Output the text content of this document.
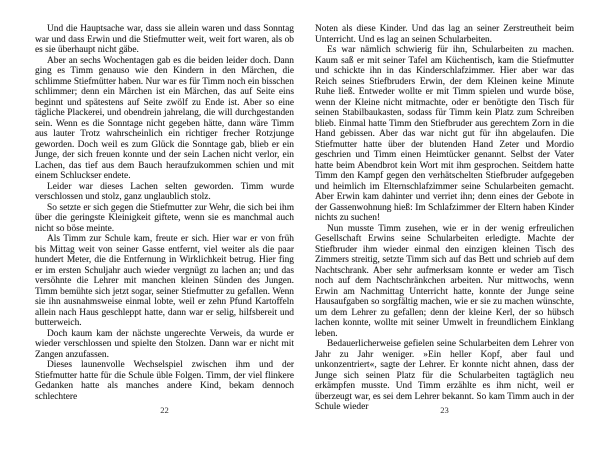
Und die Hauptsache war, dass sie allein waren und dass Sonntag war und dass Erwin und die Stiefmutter weit, weit fort waren, als ob es sie überhaupt nicht gäbe.

Aber an sechs Wochentagen gab es die beiden leider doch. Dann ging es Timm genauso wie den Kindern in den Märchen, die schlimme Stiefmütter haben. Nur war es für Timm noch ein bisschen schlimmer; denn ein Märchen ist ein Märchen, das auf Seite eins beginnt und spätestens auf Seite zwölf zu Ende ist. Aber so eine tägliche Plackerei, und obendrein jahrelang, die will durchgestanden sein. Wenn es die Sonntage nicht gegeben hätte, dann wäre Timm aus lauter Trotz wahrscheinlich ein richtiger frecher Rotzjunge geworden. Doch weil es zum Glück die Sonntage gab, blieb er ein Junge, der sich freuen konnte und der sein Lachen nicht verlor, ein Lachen, das tief aus dem Bauch heraufzukommen schien und mit einem Schluckser endete.

Leider war dieses Lachen selten geworden. Timm wurde verschlossen und stolz, ganz unglaublich stolz.

So setzte er sich gegen die Stiefmutter zur Wehr, die sich bei ihm über die geringste Kleinigkeit giftete, wenn sie es manchmal auch nicht so böse meinte.

Als Timm zur Schule kam, freute er sich. Hier war er von früh bis Mittag weit von seiner Gasse entfernt, viel weiter als die paar hundert Meter, die die Entfernung in Wirklichkeit betrug. Hier fing er im ersten Schuljahr auch wieder vergnügt zu lachen an; und das versöhnte die Lehrer mit manchen kleinen Sünden des Jungen. Timm bemühte sich jetzt sogar, seiner Stiefmutter zu gefallen. Wenn sie ihn ausnahmsweise einmal lobte, weil er zehn Pfund Kartoffeln allein nach Haus geschleppt hatte, dann war er selig, hilfsbereit und butterweich.

Doch kaum kam der nächste ungerechte Verweis, da wurde er wieder verschlossen und spielte den Stolzen. Dann war er nicht mit Zangen anzufassen.

Dieses launenvolle Wechselspiel zwischen ihm und der Stiefmutter hatte für die Schule üble Folgen. Timm, der viel flinkere Gedanken hatte als manches andere Kind, bekam dennoch schlechtere

22

Noten als diese Kinder. Und das lag an seiner Zerstreutheit beim Unterricht. Und es lag an seinen Schularbeiten.

Es war nämlich schwierig für ihn, Schularbeiten zu machen. Kaum saß er mit seiner Tafel am Küchentisch, kam die Stiefmutter und schickte ihn in das Kinderschlafzimmer. Hier aber war das Reich seines Stiefbruders Erwin, der dem Kleinen keine Minute Ruhe ließ. Entweder wollte er mit Timm spielen und wurde böse, wenn der Kleine nicht mitmachte, oder er benötigte den Tisch für seinen Stabilbaukasten, sodass für Timm kein Platz zum Schreiben blieb. Einmal hatte Timm den Stiefbruder aus gerechtem Zorn in die Hand gebissen. Aber das war nicht gut für ihn abgelaufen. Die Stiefmutter hatte über der blutenden Hand Zeter und Mordio geschrien und Timm einen Heimtücker genannt. Selbst der Vater hatte beim Abendbrot kein Wort mit ihm gesprochen. Seitdem hatte Timm den Kampf gegen den verhätschelten Stiefbruder aufgegeben und heimlich im Elternschlafzimmer seine Schularbeiten gemacht. Aber Erwin kam dahinter und verriet ihn; denn eines der Gebote in der Gassenwohnung hieß: Im Schlafzimmer der Eltern haben Kinder nichts zu suchen!

Nun musste Timm zusehen, wie er in der wenig erfreulichen Gesellschaft Erwins seine Schularbeiten erledigte. Machte der Stiefbruder ihm wieder einmal den einzigen kleinen Tisch des Zimmers streitig, setzte Timm sich auf das Bett und schrieb auf dem Nachtschrank. Aber sehr aufmerksam konnte er weder am Tisch noch auf dem Nachtschränkchen arbeiten. Nur mittwochs, wenn Erwin am Nachmittag Unterricht hatte, konnte der Junge seine Hausaufgaben so sorgfältig machen, wie er sie zu machen wünschte, um dem Lehrer zu gefallen; denn der kleine Kerl, der so hübsch lachen konnte, wollte mit seiner Umwelt in freundlichem Einklang leben.

Bedauerlicherweise gefielen seine Schularbeiten dem Lehrer von Jahr zu Jahr weniger. »Ein heller Kopf, aber faul und unkonzentriert«, sagte der Lehrer. Er konnte nicht ahnen, dass der Junge sich seinen Platz für die Schularbeiten tagtäglich neu erkämpfen musste. Und Timm erzählte es ihm nicht, weil er überzeugt war, es sei dem Lehrer bekannt. So kam Timm auch in der Schule wieder	23
